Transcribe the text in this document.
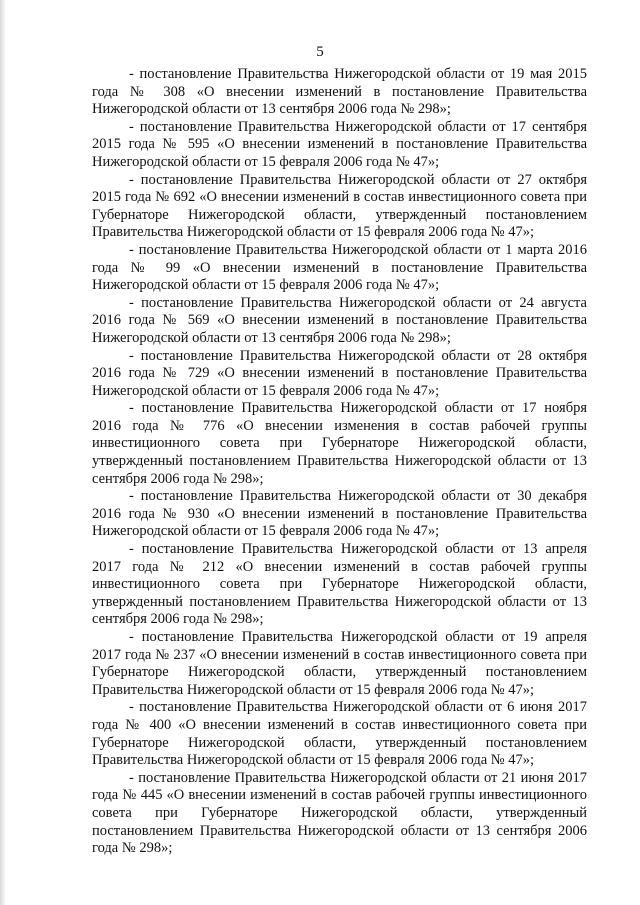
5

- постановление Правительства Нижегородской области от 19 мая 2015 года № 308 «О внесении изменений в постановление Правительства Нижегородской области от 13 сентября 2006 года № 298»;

- постановление Правительства Нижегородской области от 17 сентября 2015 года № 595 «О внесении изменений в постановление Правительства Нижегородской области от 15 февраля 2006 года № 47»;

- постановление Правительства Нижегородской области от 27 октября 2015 года № 692 «О внесении изменений в состав инвестиционного совета при Губернаторе Нижегородской области, утвержденный постановлением Правительства Нижегородской области от 15 февраля 2006 года № 47»;

- постановление Правительства Нижегородской области от 1 марта 2016 года № 99 «О внесении изменений в постановление Правительства Нижегородской области от 15 февраля 2006 года № 47»;

- постановление Правительства Нижегородской области от 24 августа 2016 года № 569 «О внесении изменений в постановление Правительства Нижегородской области от 13 сентября 2006 года № 298»;

- постановление Правительства Нижегородской области от 28 октября 2016 года № 729 «О внесении изменений в постановление Правительства Нижегородской области от 15 февраля 2006 года № 47»;

- постановление Правительства Нижегородской области от 17 ноября 2016 года № 776 «О внесении изменения в состав рабочей группы инвестиционного совета при Губернаторе Нижегородской области, утвержденный постановлением Правительства Нижегородской области от 13 сентября 2006 года № 298»;

- постановление Правительства Нижегородской области от 30 декабря 2016 года № 930 «О внесении изменений в постановление Правительства Нижегородской области от 15 февраля 2006 года № 47»;

- постановление Правительства Нижегородской области от 13 апреля 2017 года № 212 «О внесении изменений в состав рабочей группы инвестиционного совета при Губернаторе Нижегородской области, утвержденный постановлением Правительства Нижегородской области от 13 сентября 2006 года № 298»;

- постановление Правительства Нижегородской области от 19 апреля 2017 года № 237 «О внесении изменений в состав инвестиционного совета при Губернаторе Нижегородской области, утвержденный постановлением Правительства Нижегородской области от 15 февраля 2006 года № 47»;

- постановление Правительства Нижегородской области от 6 июня 2017 года № 400 «О внесении изменений в состав инвестиционного совета при Губернаторе Нижегородской области, утвержденный постановлением Правительства Нижегородской области от 15 февраля 2006 года № 47»;

- постановление Правительства Нижегородской области от 21 июня 2017 года № 445 «О внесении изменений в состав рабочей группы инвестиционного совета при Губернаторе Нижегородской области, утвержденный постановлением Правительства Нижегородской области от 13 сентября 2006 года № 298»;
